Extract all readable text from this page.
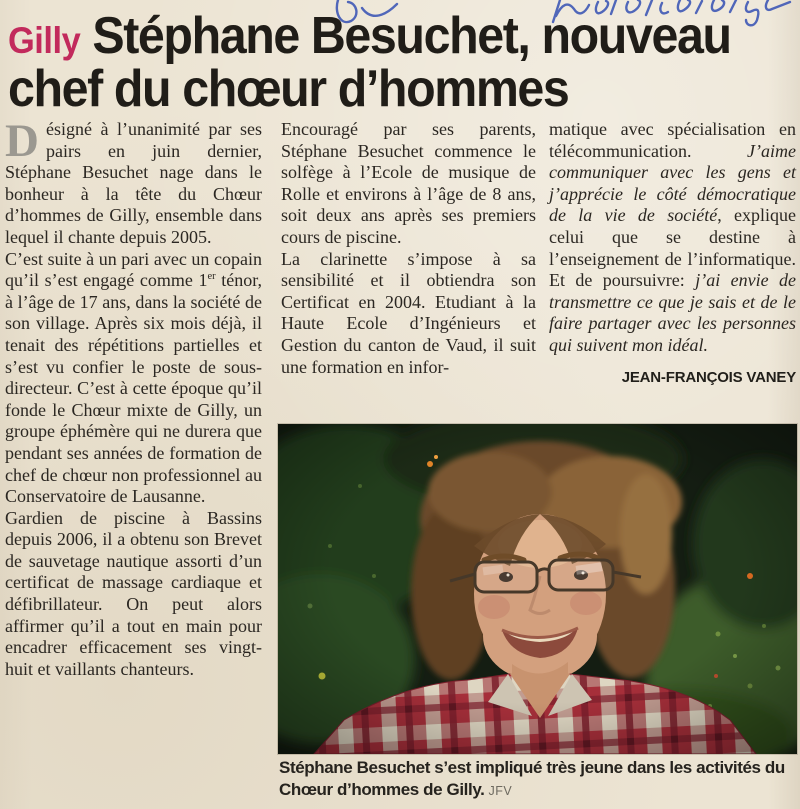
Gilly Stéphane Besuchet, nouveau
chef du chœur d’hommes

Désigné à l’unanimité par ses pairs en juin dernier, Stéphane Besuchet nage dans le bonheur à la tête du Chœur d’hommes de Gilly, ensemble dans lequel il chante depuis 2005.

C’est suite à un pari avec un copain qu’il s’est engagé comme 1er ténor, à l’âge de 17 ans, dans la société de son village. Après six mois déjà, il tenait des répétitions partielles et s’est vu confier le poste de sous-directeur. C’est à cette époque qu’il fonde le Chœur mixte de Gilly, un groupe éphémère qui ne durera que pendant ses années de formation de chef de chœur non professionnel au Conservatoire de Lausanne.

Gardien de piscine à Bassins depuis 2006, il a obtenu son Brevet de sauvetage nautique assorti d’un certificat de massage cardiaque et défibrillateur. On peut alors affirmer qu’il a tout en main pour encadrer efficacement ses vingt-huit et vaillants chanteurs.

Encouragé par ses parents, Stéphane Besuchet commence le solfège à l’Ecole de musique de Rolle et environs à l’âge de 8 ans, soit deux ans après ses premiers cours de piscine.

La clarinette s’impose à sa sensibilité et il obtiendra son Certificat en 2004. Etudiant à la Haute Ecole d’Ingénieurs et Gestion du canton de Vaud, il suit une formation en infor-

matique avec spécialisation en télécommunication. J’aime communiquer avec les gens et j’apprécie le côté démocratique de la vie de société, explique celui que se destine à l’enseignement de l’informatique. Et de poursuivre: j’ai envie de transmettre ce que je sais et de le faire partager avec les personnes qui suivent mon idéal.

JEAN-FRANÇOIS VANEY
Stéphane Besuchet s’est impliqué très jeune dans les activités du Chœur d’hommes de Gilly. JFV
